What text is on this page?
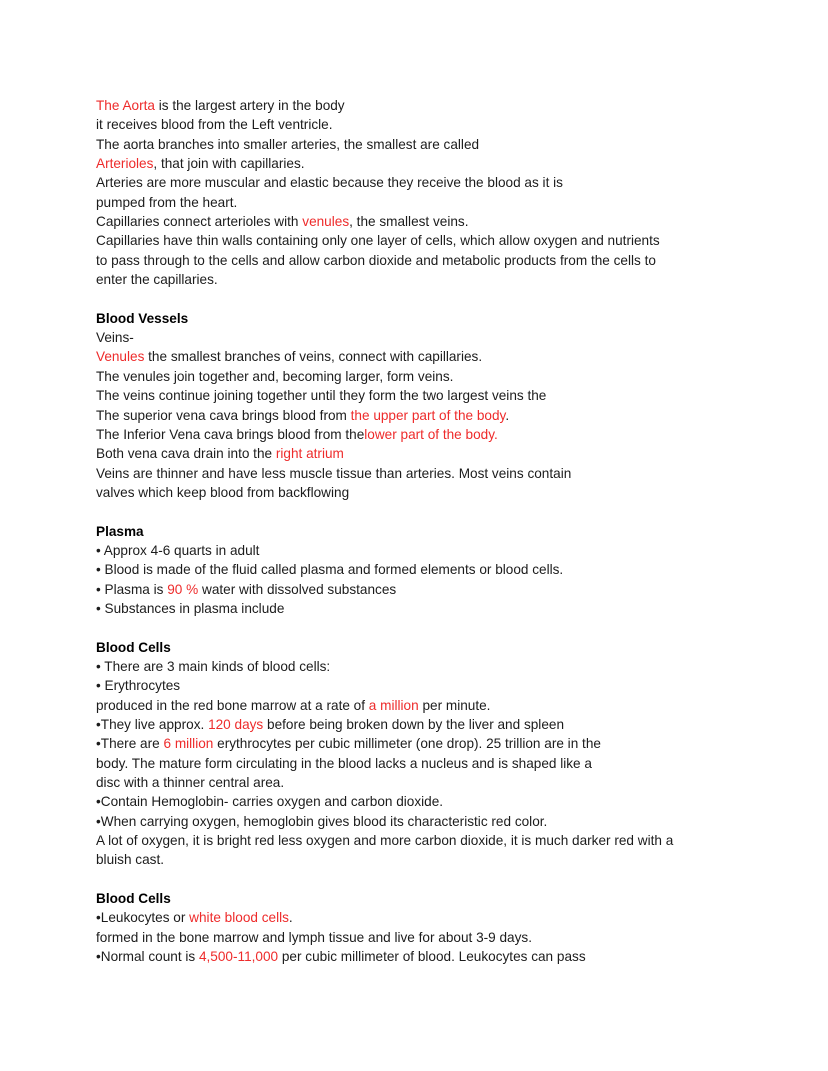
The Aorta is the largest artery in the body
it receives blood from the Left ventricle.
The aorta branches into smaller arteries, the smallest are called
Arterioles, that join with capillaries.
Arteries are more muscular and elastic because they receive the blood as it is
pumped from the heart.
Capillaries connect arterioles with venules, the smallest veins.
Capillaries have thin walls containing only one layer of cells, which allow oxygen and nutrients
to pass through to the cells and allow carbon dioxide and metabolic products from the cells to
enter the capillaries.
Blood Vessels
Veins-
Venules the smallest branches of veins, connect with capillaries.
The venules join together and, becoming larger, form veins.
The veins continue joining together until they form the two largest veins the
The superior vena cava brings blood from the upper part of the body.
The Inferior Vena cava brings blood from thelower part of the body.
Both vena cava drain into the right atrium
Veins are thinner and have less muscle tissue than arteries. Most veins contain
valves which keep blood from backflowing
Plasma
• Approx 4-6 quarts in adult
• Blood is made of the fluid called plasma and formed elements or blood cells.
• Plasma is 90 % water with dissolved substances
• Substances in plasma include
Blood Cells
• There are 3 main kinds of blood cells:
• Erythrocytes
produced in the red bone marrow at a rate of a million per minute.
•They live approx. 120 days before being broken down by the liver and spleen
•There are 6 million erythrocytes per cubic millimeter (one drop). 25 trillion are in the
body. The mature form circulating in the blood lacks a nucleus and is shaped like a
disc with a thinner central area.
•Contain Hemoglobin- carries oxygen and carbon dioxide.
•When carrying oxygen, hemoglobin gives blood its characteristic red color.
A lot of oxygen, it is bright red less oxygen and more carbon dioxide, it is much darker red with a
bluish cast.
Blood Cells
•Leukocytes or white blood cells.
formed in the bone marrow and lymph tissue and live for about 3-9 days.
•Normal count is 4,500-11,000 per cubic millimeter of blood. Leukocytes can pass
